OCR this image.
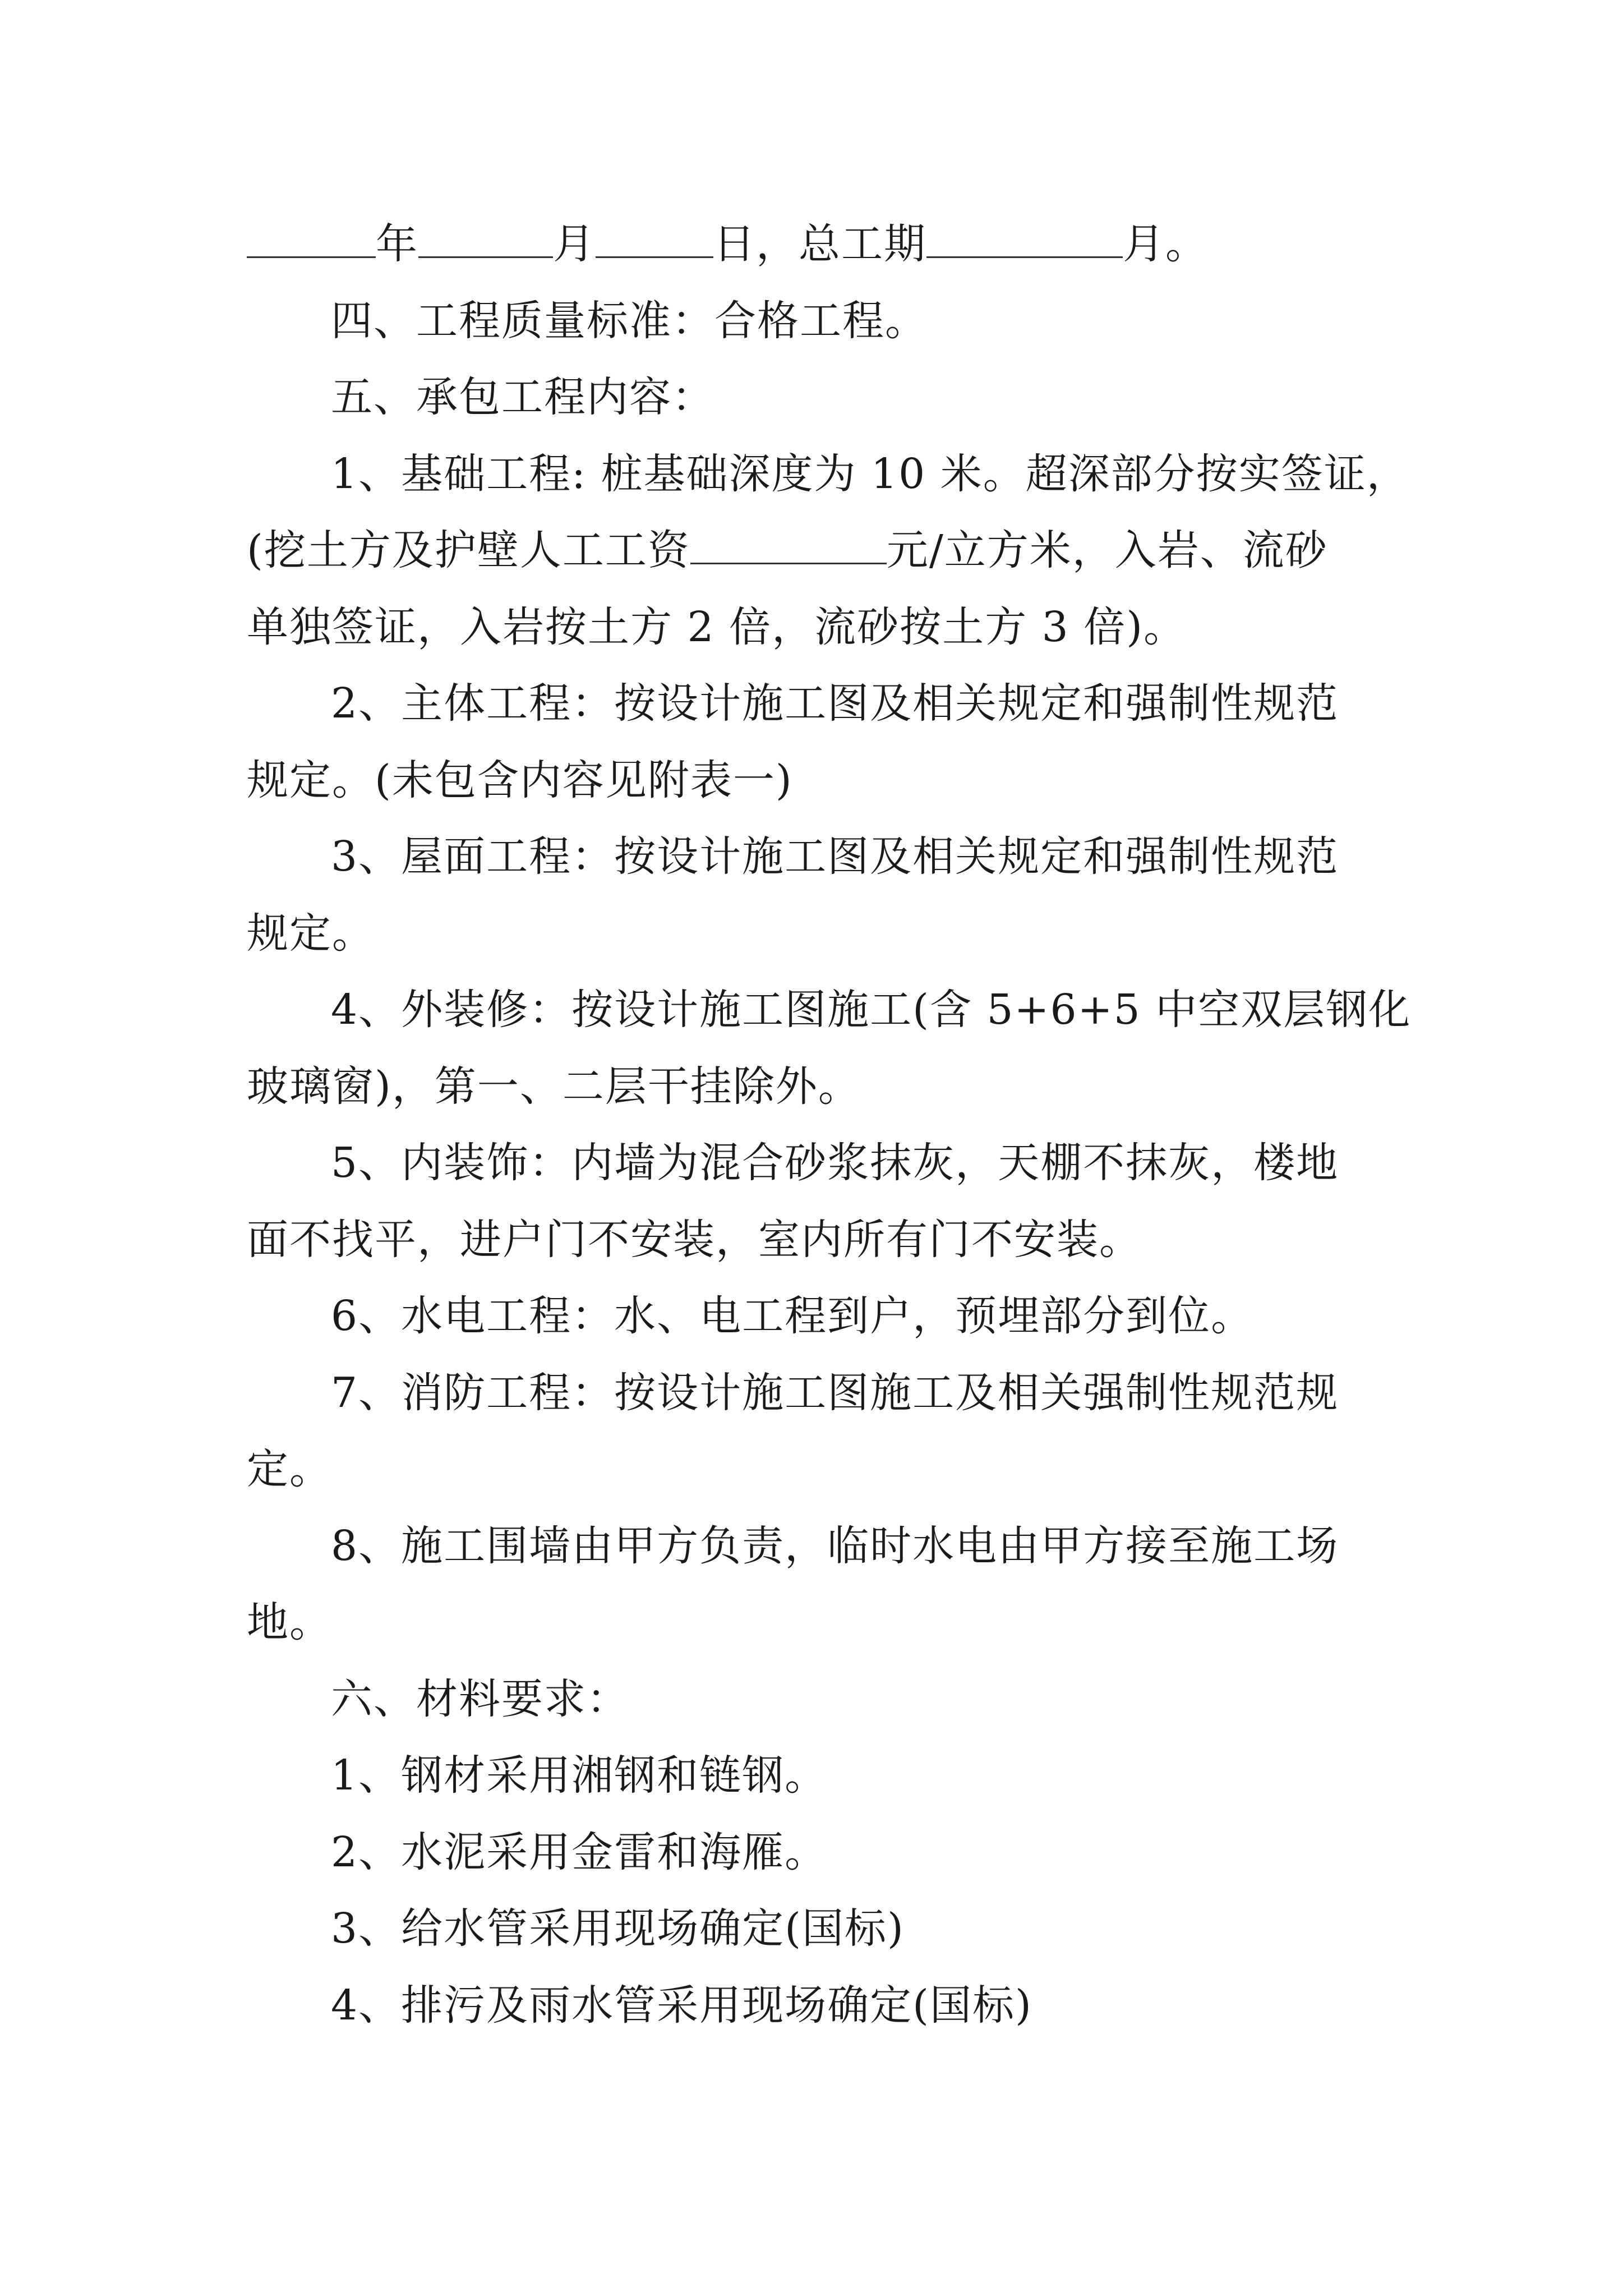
年	月	日，总工期	月。
四、工程质量标准：合格工程。
五、承包工程内容：
1、基础工程: 桩基础深度为 10 米。超深部分按实签证，
(挖土方及护壁人工工资	元/立方米，入岩、流砂
单独签证，入岩按土方 2 倍，流砂按土方 3 倍)。
2、主体工程：按设计施工图及相关规定和强制性规范
规定。(未包含内容见附表一)
3、屋面工程：按设计施工图及相关规定和强制性规范
规定。
4、外装修：按设计施工图施工(含 5+6+5 中空双层钢化
玻璃窗)，第一、二层干挂除外。
5、内装饰：内墙为混合砂浆抹灰，天棚不抹灰，楼地
面不找平，进户门不安装，室内所有门不安装。
6、水电工程：水、电工程到户，预埋部分到位。
7、消防工程：按设计施工图施工及相关强制性规范规
定。
8、施工围墙由甲方负责，临时水电由甲方接至施工场
地。
六、材料要求：
1、钢材采用湘钢和链钢。
2、水泥采用金雷和海雁。
3、给水管采用现场确定(国标)
4、排污及雨水管采用现场确定(国标)
